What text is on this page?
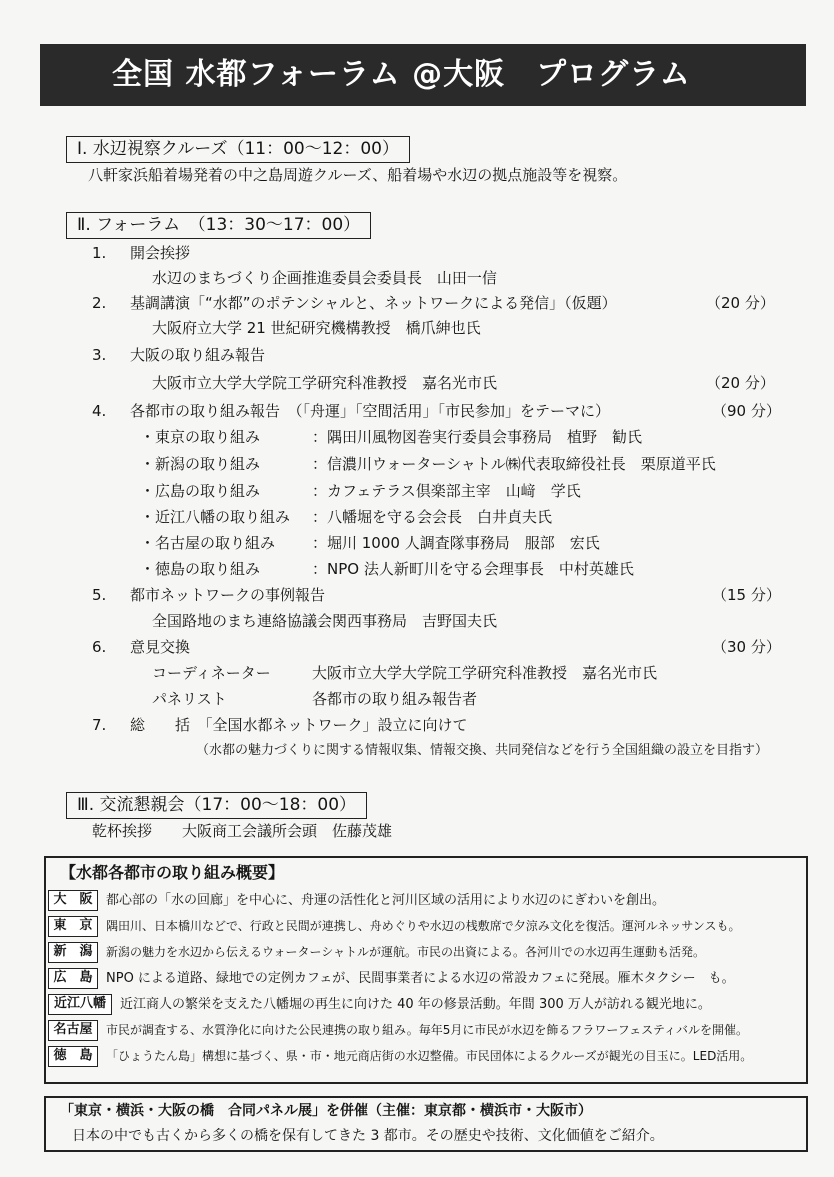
全国 水都フォーラム @大阪　プログラム
Ⅰ. 水辺視察クルーズ（11：00～12：00）
八軒家浜船着場発着の中之島周遊クルーズ、船着場や水辺の拠点施設等を視察。
Ⅱ. フォーラム　（13：30～17：00）
1. 開会挨拶
水辺のまちづくり企画推進委員会委員長　山田一信
2. 基調講演「“水都”のポテンシャルと、ネットワークによる発信」（仮題）	（20 分）
大阪府立大学 21 世紀研究機構教授　橋爪紳也氏
3. 大阪の取り組み報告
大阪市立大学大学院工学研究科准教授　嘉名光市氏	（20 分）
4. 各都市の取り組み報告　（「舟運」「空間活用」「市民参加」をテーマに）	（90 分）
・東京の取り組み	：隅田川風物図巻実行委員会事務局　植野　勧氏
・新潟の取り組み	：信濃川ウォーターシャトル㈱代表取締役社長　栗原道平氏
・広島の取り組み	：カフェテラス倶楽部主宰　山﨑　学氏
・近江八幡の取り組み ：八幡堀を守る会会長　白井貞夫氏
・名古屋の取り組み ：堀川 1000 人調査隊事務局　服部　宏氏
・徳島の取り組み	：NPO 法人新町川を守る会理事長　中村英雄氏
5. 都市ネットワークの事例報告	（15 分）
全国路地のまち連絡協議会関西事務局　吉野国夫氏
6. 意見交換	（30 分）
コーディネーター	大阪市立大学大学院工学研究科准教授　嘉名光市氏
パネリスト	各都市の取り組み報告者
7. 総　　括　「全国水都ネットワーク」設立に向けて
（水都の魅力づくりに関する情報収集、情報交換、共同発信などを行う全国組織の設立を目指す）
Ⅲ. 交流懇親会（17：00～18：00）
乾杯挨拶　　大阪商工会議所会頭　佐藤茂雄
【水都各都市の取り組み概要】
大　阪	都心部の「水の回廊」を中心に、舟運の活性化と河川区域の活用により水辺のにぎわいを創出。
東　京	隅田川、日本橋川などで、行政と民間が連携し、舟めぐりや水辺の桟敷席で夕涼み文化を復活。運河ルネッサンスも。
新　潟	新潟の魅力を水辺から伝えるウォーターシャトルが運航。市民の出資による。各河川での水辺再生運動も活発。
広　島	NPO による道路、緑地での定例カフェが、民間事業者による水辺の常設カフェに発展。雁木タクシー　も。
近江八幡	近江商人の繁栄を支えた八幡堀の再生に向けた 40 年の修景活動。年間 300 万人が訪れる観光地に。
名古屋	市民が調査する、水質浄化に向けた公民連携の取り組み。毎年5月に市民が水辺を飾るフラワーフェスティバルを開催。
徳　島	「ひょうたん島」構想に基づく、県・市・地元商店街の水辺整備。市民団体によるクルーズが観光の目玉に。LED活用。
「東京・横浜・大阪の橋　合同パネル展」を併催（主催：東京都・横浜市・大阪市）
日本の中でも古くから多くの橋を保有してきた 3 都市。その歴史や技術、文化価値をご紹介。
